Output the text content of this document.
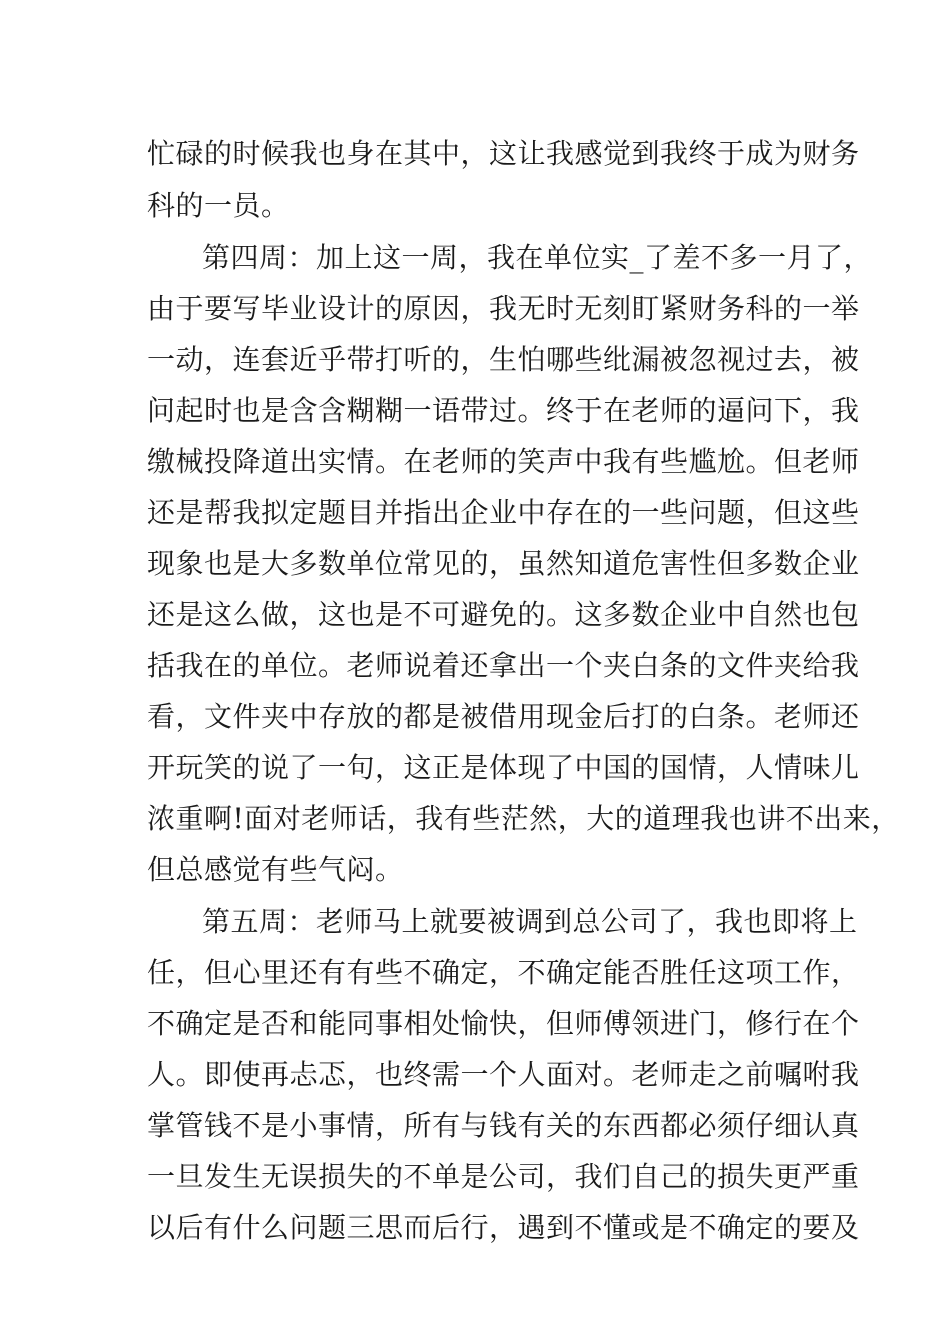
忙碌的时候我也身在其中，这让我感觉到我终于成为财务
科的一员。
第四周：加上这一周，我在单位实_了差不多一月了，
由于要写毕业设计的原因，我无时无刻盯紧财务科的一举
一动，连套近乎带打听的，生怕哪些纰漏被忽视过去，被
问起时也是含含糊糊一语带过。终于在老师的逼问下，我
缴械投降道出实情。在老师的笑声中我有些尴尬。但老师
还是帮我拟定题目并指出企业中存在的一些问题，但这些
现象也是大多数单位常见的，虽然知道危害性但多数企业
还是这么做，这也是不可避免的。这多数企业中自然也包
括我在的单位。老师说着还拿出一个夹白条的文件夹给我
看，文件夹中存放的都是被借用现金后打的白条。老师还
开玩笑的说了一句，这正是体现了中国的国情，人情味儿
浓重啊!面对老师话，我有些茫然，大的道理我也讲不出来，
但总感觉有些气闷。
第五周：老师马上就要被调到总公司了，我也即将上
任，但心里还有有些不确定，不确定能否胜任这项工作，
不确定是否和能同事相处愉快，但师傅领进门，修行在个
人。即使再忐忑，也终需一个人面对。老师走之前嘱咐我
掌管钱不是小事情，所有与钱有关的东西都必须仔细认真
一旦发生无误损失的不单是公司，我们自己的损失更严重
以后有什么问题三思而后行，遇到不懂或是不确定的要及
